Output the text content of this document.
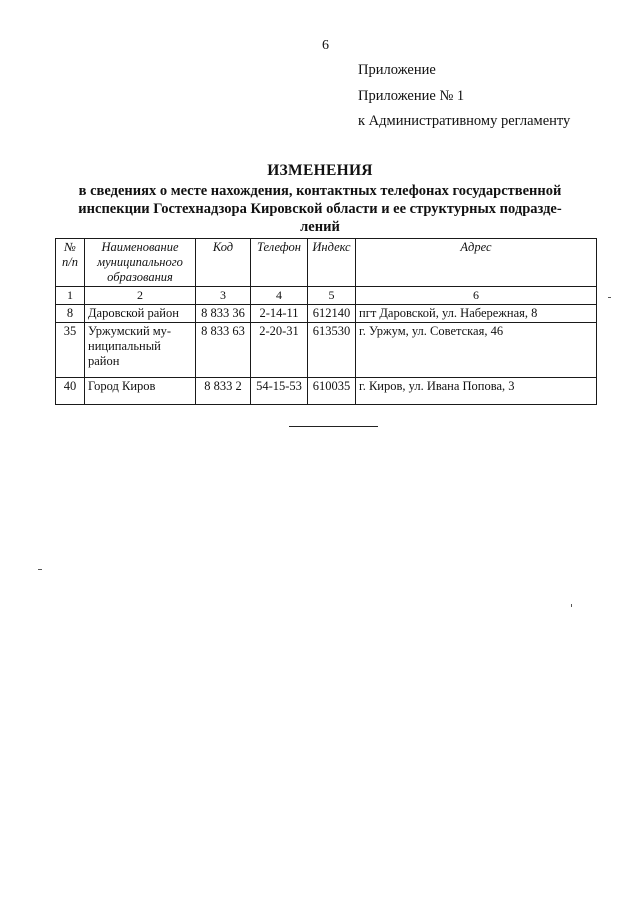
6
Приложение
Приложение № 1
к Административному регламенту
ИЗМЕНЕНИЯ
в сведениях о месте нахождения, контактных телефонах государственной
инспекции Гостехнадзора Кировской области и ее структурных подразде-
лений
№ п/п	Наименование муниципального образования	Код	Телефон	Индекс	Адрес
1	2	3	4	5	6
8	Даровской район	8 833 36	2-14-11	612140	пгт Даровской, ул. Набережная, 8
35	Уржумский му-ниципальный район	8 833 63	2-20-31	613530	г. Уржум, ул. Советская, 46
40	Город Киров	8 833 2	54-15-53	610035	г. Киров, ул. Ивана Попова, 3
